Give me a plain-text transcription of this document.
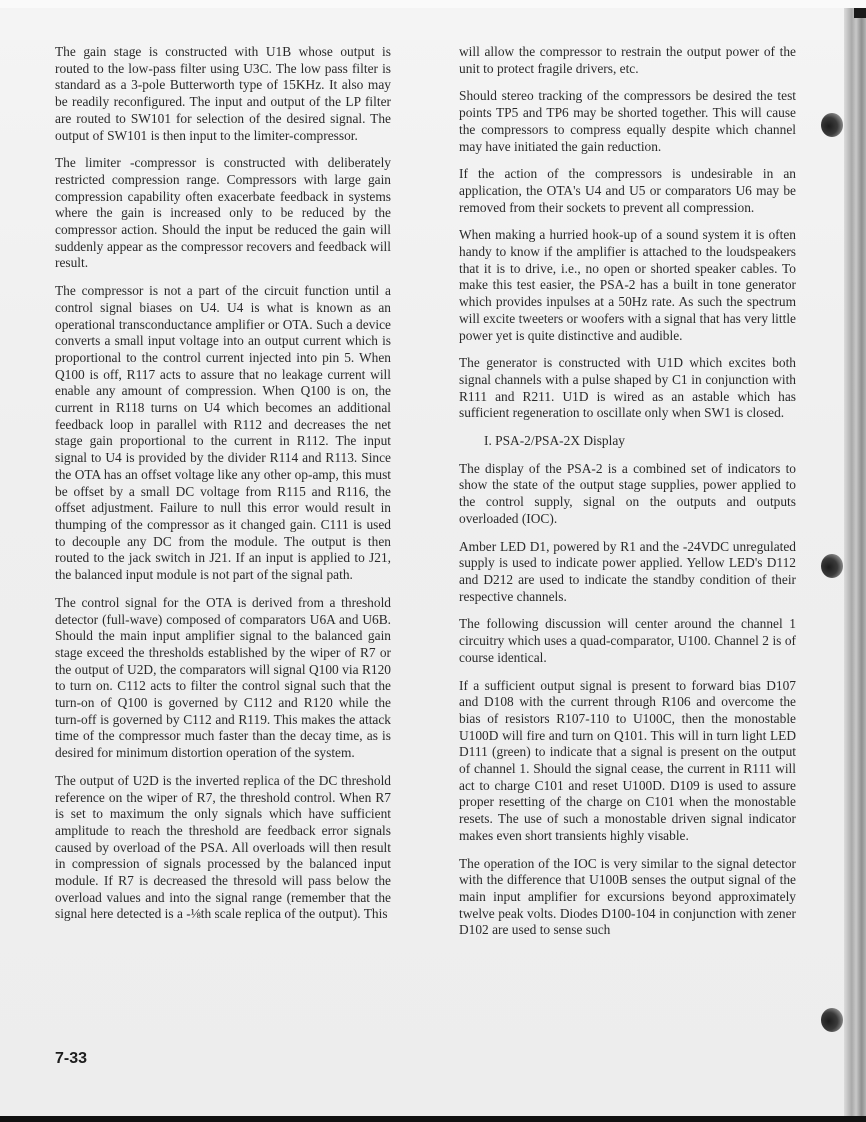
The gain stage is constructed with U1B whose output is routed to the low-pass filter using U3C. The low pass filter is standard as a 3-pole Butterworth type of 15KHz. It also may be readily reconfigured. The input and output of the LP filter are routed to SW101 for selection of the desired signal. The output of SW101 is then input to the limiter-compressor.

The limiter -compressor is constructed with deliberately restricted compression range. Compressors with large gain compression capability often exacerbate feedback in systems where the gain is increased only to be reduced by the compressor action. Should the input be reduced the gain will suddenly appear as the compressor recovers and feedback will result.

The compressor is not a part of the circuit function until a control signal biases on U4. U4 is what is known as an operational transconductance amplifier or OTA. Such a device converts a small input voltage into an output current which is proportional to the control current injected into pin 5. When Q100 is off, R117 acts to assure that no leakage current will enable any amount of compression. When Q100 is on, the current in R118 turns on U4 which becomes an additional feedback loop in parallel with R112 and decreases the net stage gain proportional to the current in R112. The input signal to U4 is provided by the divider R114 and R113. Since the OTA has an offset voltage like any other op-amp, this must be offset by a small DC voltage from R115 and R116, the offset adjustment. Failure to null this error would result in thumping of the compressor as it changed gain. C111 is used to decouple any DC from the module. The output is then routed to the jack switch in J21. If an input is applied to J21, the balanced input module is not part of the signal path.

The control signal for the OTA is derived from a threshold detector (full-wave) composed of comparators U6A and U6B. Should the main input amplifier signal to the balanced gain stage exceed the thresholds established by the wiper of R7 or the output of U2D, the comparators will signal Q100 via R120 to turn on. C112 acts to filter the control signal such that the turn-on of Q100 is governed by C112 and R120 while the turn-off is governed by C112 and R119. This makes the attack time of the compressor much faster than the decay time, as is desired for minimum distortion operation of the system.

The output of U2D is the inverted replica of the DC threshold reference on the wiper of R7, the threshold control. When R7 is set to maximum the only signals which have sufficient amplitude to reach the threshold are feedback error signals caused by overload of the PSA. All overloads will then result in compression of signals processed by the balanced input module. If R7 is decreased the thresold will pass below the overload values and into the signal range (remember that the signal here detected is a -⅛th scale replica of the output). This

will allow the compressor to restrain the output power of the unit to protect fragile drivers, etc.

Should stereo tracking of the compressors be desired the test points TP5 and TP6 may be shorted together. This will cause the compressors to compress equally despite which channel may have initiated the gain reduction.

If the action of the compressors is undesirable in an application, the OTA's U4 and U5 or comparators U6 may be removed from their sockets to prevent all compression.

When making a hurried hook-up of a sound system it is often handy to know if the amplifier is attached to the loudspeakers that it is to drive, i.e., no open or shorted speaker cables. To make this test easier, the PSA-2 has a built in tone generator which provides inpulses at a 50Hz rate. As such the spectrum will excite tweeters or woofers with a signal that has very little power yet is quite distinctive and audible.

The generator is constructed with U1D which excites both signal channels with a pulse shaped by C1 in conjunction with R111 and R211. U1D is wired as an astable which has sufficient regeneration to oscillate only when SW1 is closed.

I. PSA-2/PSA-2X Display

The display of the PSA-2 is a combined set of indicators to show the state of the output stage supplies, power applied to the control supply, signal on the outputs and outputs overloaded (IOC).

Amber LED D1, powered by R1 and the -24VDC unregulated supply is used to indicate power applied. Yellow LED's D112 and D212 are used to indicate the standby condition of their respective channels.

The following discussion will center around the channel 1 circuitry which uses a quad-comparator, U100. Channel 2 is of course identical.

If a sufficient output signal is present to forward bias D107 and D108 with the current through R106 and overcome the bias of resistors R107-110 to U100C, then the monostable U100D will fire and turn on Q101. This will in turn light LED D111 (green) to indicate that a signal is present on the output of channel 1. Should the signal cease, the current in R111 will act to charge C101 and reset U100D. D109 is used to assure proper resetting of the charge on C101 when the monostable resets. The use of such a monostable driven signal indicator makes even short transients highly visable.

The operation of the IOC is very similar to the signal detector with the difference that U100B senses the output signal of the main input amplifier for excursions beyond approximately twelve peak volts. Diodes D100-104 in conjunction with zener D102 are used to sense such

7-33
